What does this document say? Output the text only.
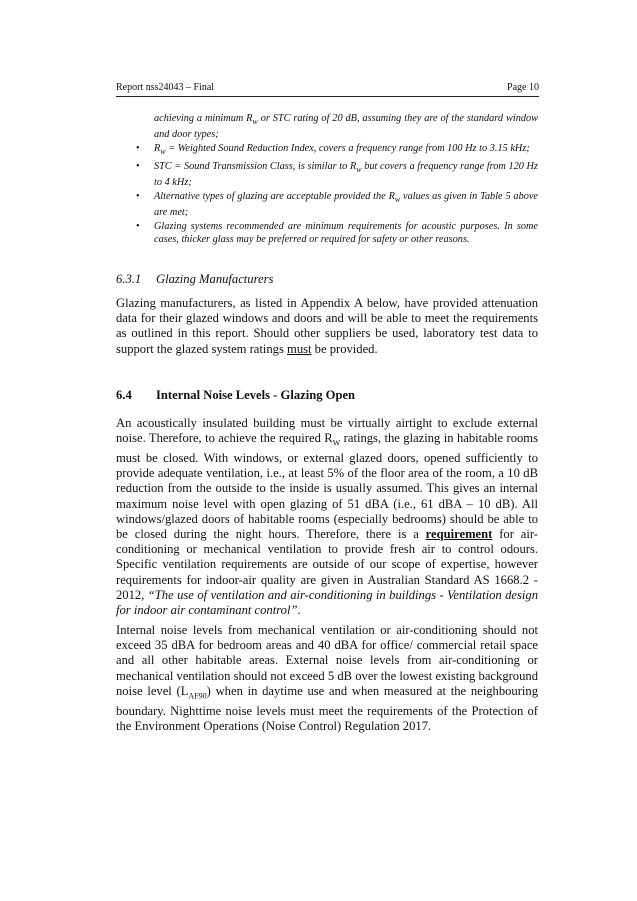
Report nss24043 – Final	Page 10

achieving a minimum $R_w$ or STC rating of 20 dB, assuming they are of the standard window and door types;

•	$R_w$ = Weighted Sound Reduction Index, covers a frequency range from 100 Hz to 3.15 kHz;
•	STC = Sound Transmission Class, is similar to $R_w$ but covers a frequency range from 120 Hz to 4 kHz;
•	Alternative types of glazing are acceptable provided the $R_w$ values as given in Table 5 above are met;
•	Glazing systems recommended are minimum requirements for acoustic purposes. In some cases, thicker glass may be preferred or required for safety or other reasons.
6.3.1 Glazing Manufacturers

Glazing manufacturers, as listed in Appendix A below, have provided attenuation data for their glazed windows and doors and will be able to meet the requirements as outlined in this report. Should other suppliers be used, laboratory test data to support the glazed system ratings must be provided.

6.4 Internal Noise Levels - Glazing Open

An acoustically insulated building must be virtually airtight to exclude external noise. Therefore, to achieve the required $R_W$ ratings, the glazing in habitable rooms must be closed. With windows, or external glazed doors, opened sufficiently to provide adequate ventilation, i.e., at least 5% of the floor area of the room, a 10 dB reduction from the outside to the inside is usually assumed. This gives an internal maximum noise level with open glazing of 51 dBA (i.e., 61 dBA – 10 dB). All windows/glazed doors of habitable rooms (especially bedrooms) should be able to be closed during the night hours. Therefore, there is a requirement for air-conditioning or mechanical ventilation to provide fresh air to control odours. Specific ventilation requirements are outside of our scope of expertise, however requirements for indoor-air quality are given in Australian Standard AS 1668.2 - 2012, “The use of ventilation and air-conditioning in buildings - Ventilation design for indoor air contaminant control”.

Internal noise levels from mechanical ventilation or air-conditioning should not exceed 35 dBA for bedroom areas and 40 dBA for office/ commercial retail space and all other habitable areas. External noise levels from air-conditioning or mechanical ventilation should not exceed 5 dB over the lowest existing background noise level $(L_{AF90})$ when in daytime use and when measured at the neighbouring boundary. Nighttime noise levels must meet the requirements of the Protection of the Environment Operations (Noise Control) Regulation 2017.
